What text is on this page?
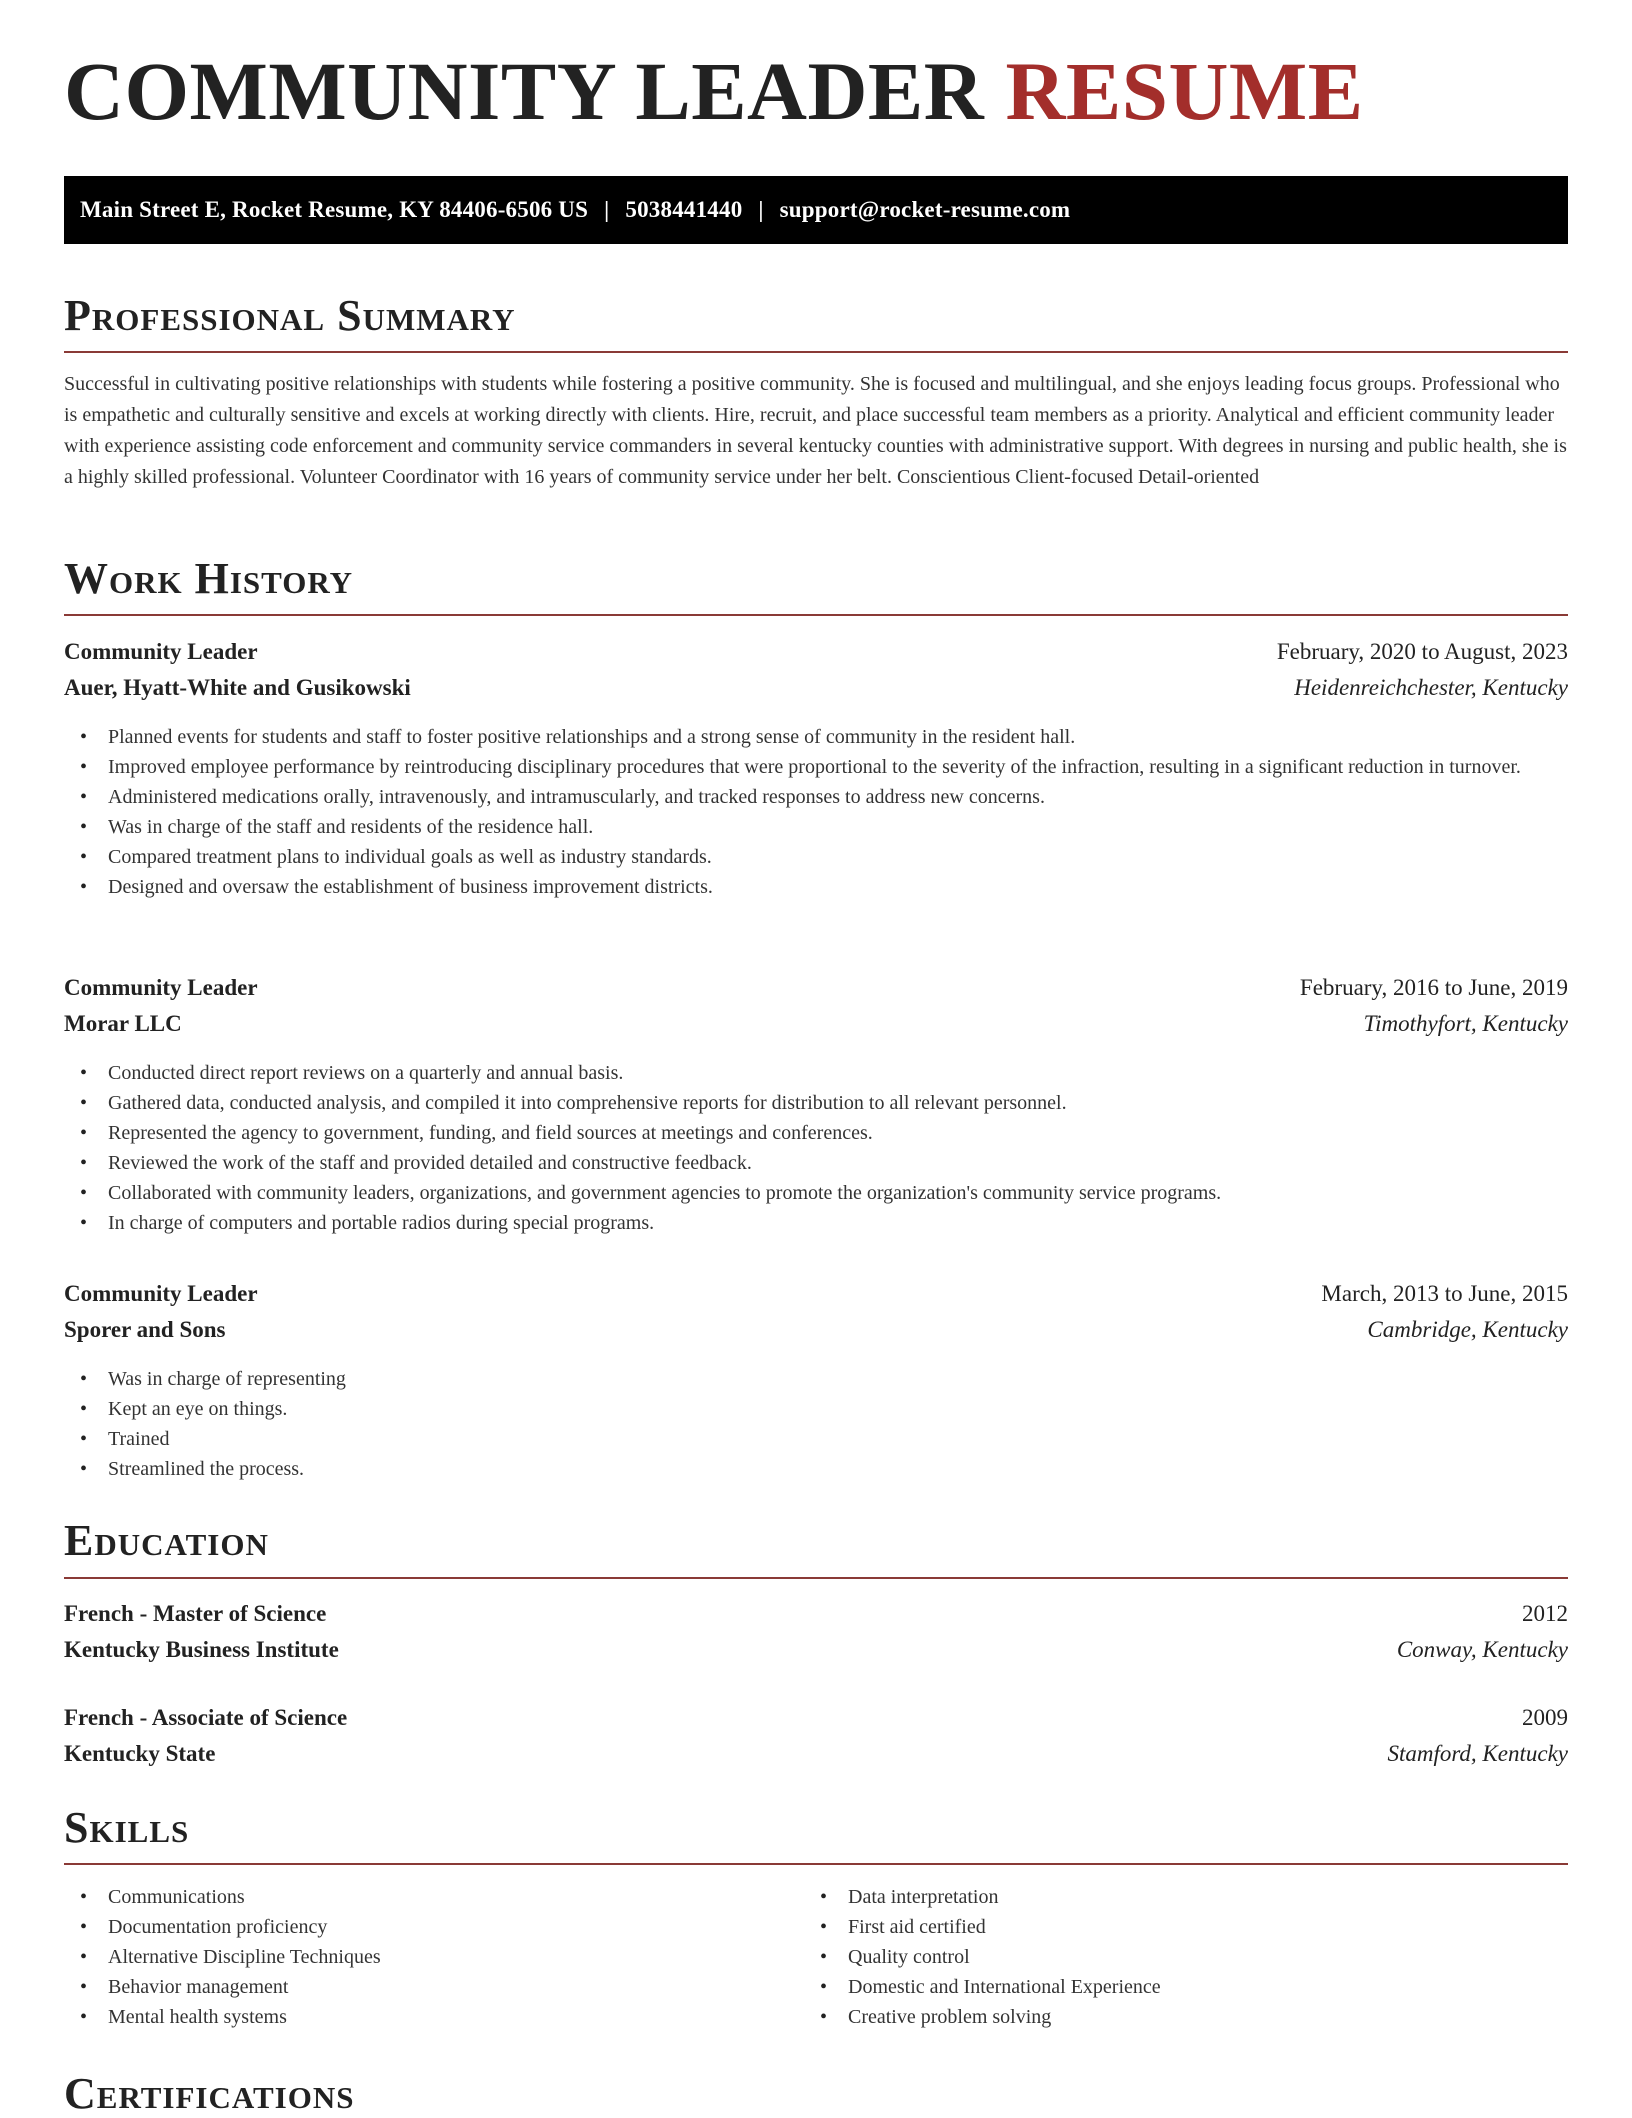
COMMUNITY LEADER RESUME
Main Street E, Rocket Resume, KY 84406-6506 US | 5038441440 | support@rocket-resume.com
Professional Summary

Successful in cultivating positive relationships with students while fostering a positive community. She is focused and multilingual, and she enjoys leading focus groups. Professional who is empathetic and culturally sensitive and excels at working directly with clients. Hire, recruit, and place successful team members as a priority. Analytical and efficient community leader with experience assisting code enforcement and community service commanders in several kentucky counties with administrative support. With degrees in nursing and public health, she is a highly skilled professional. Volunteer Coordinator with 16 years of community service under her belt. Conscientious Client-focused Detail-oriented

Work History
Community Leader	February, 2020 to August, 2023
Auer, Hyatt-White and Gusikowski	Heidenreichchester, Kentucky
• Planned events for students and staff to foster positive relationships and a strong sense of community in the resident hall.
• Improved employee performance by reintroducing disciplinary procedures that were proportional to the severity of the infraction, resulting in a significant reduction in turnover.
• Administered medications orally, intravenously, and intramuscularly, and tracked responses to address new concerns.
• Was in charge of the staff and residents of the residence hall.
• Compared treatment plans to individual goals as well as industry standards.
• Designed and oversaw the establishment of business improvement districts.
Community Leader	February, 2016 to June, 2019
Morar LLC	Timothyfort, Kentucky
• Conducted direct report reviews on a quarterly and annual basis.
• Gathered data, conducted analysis, and compiled it into comprehensive reports for distribution to all relevant personnel.
• Represented the agency to government, funding, and field sources at meetings and conferences.
• Reviewed the work of the staff and provided detailed and constructive feedback.
• Collaborated with community leaders, organizations, and government agencies to promote the organization's community service programs.
• In charge of computers and portable radios during special programs.
Community Leader	March, 2013 to June, 2015
Sporer and Sons	Cambridge, Kentucky
• Was in charge of representing
• Kept an eye on things.
• Trained
• Streamlined the process.
Education
French - Master of Science	2012
Kentucky Business Institute	Conway, Kentucky
French - Associate of Science	2009
Kentucky State	Stamford, Kentucky
Skills
• Communications
• Documentation proficiency
• Alternative Discipline Techniques
• Behavior management
• Mental health systems
• Data interpretation
• First aid certified
• Quality control
• Domestic and International Experience
• Creative problem solving
Certifications
